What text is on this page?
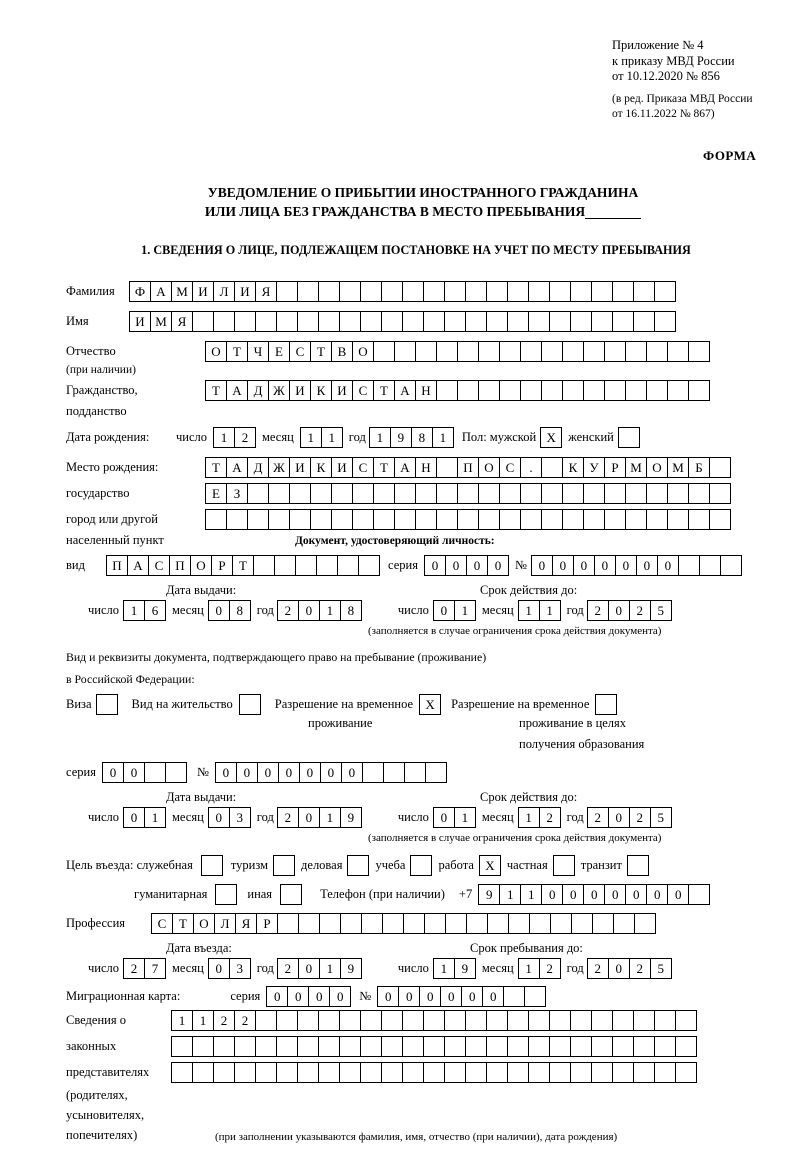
Приложение № 4
к приказу МВД России
от 10.12.2020 № 856
(в ред. Приказа МВД России
от 16.11.2022 № 867)
ФОРМА
УВЕДОМЛЕНИЕ О ПРИБЫТИИ ИНОСТРАННОГО ГРАЖДАНИНА
ИЛИ ЛИЦА БЕЗ ГРАЖДАНСТВА В МЕСТО ПРЕБЫВАНИЯ
1. СВЕДЕНИЯ О ЛИЦЕ, ПОДЛЕЖАЩЕМ ПОСТАНОВКЕ НА УЧЕТ ПО МЕСТУ ПРЕБЫВАНИЯ
Фамилия	Ф А М И Л И Я
Имя	И М Я
Отчество	О Т Ч Е С Т В О
(при наличии)
Гражданство,	Т А Д Ж И К И С Т А Н
подданство
Дата рождения:	число	1	2	месяц	1	1	год 1	9	8	1	Пол: мужской Х женский
Место рождения:	Т А Д Ж И К И С Т А Н	П О С	.	К У Р М О М Б
государство	Е	З
город или другой
населенный пункт	Документ, удостоверяющий личность:
вид	П А С П О Р	Т	серия	0	0	0	0	№ 0	0	0	0	0	0	0
Дата выдачи:	Срок действия до:
число 1	6	месяц 0	8	год 2	0	1	8	число 0	1	месяц 1	1	год 2	0	2	5
(заполняется в случае ограничения срока действия документа)
Вид и реквизиты документа, подтверждающего право на пребывание (проживание)
в Российской Федерации:
Виза	Вид на жительство	Разрешение на временное Х	Разрешение на временное
проживание	проживание в целях
получения образования
серия	0	0	№	0	0	0	0	0	0	0
Дата выдачи:	Срок действия до:
число 0	1	месяц 0	3	год 2	0	1	9	число 0	1	месяц 1	2	год 2	0	2	5
(заполняется в случае ограничения срока действия документа)
Цель въезда: служебная	туризм	деловая	учеба	работа Х частная	транзит
гуманитарная	иная	Телефон (при наличии) +7	9	1	1	0	0	0	0	0	0	0
Профессия	С Т О Л Я	Р
Дата въезда:	Срок пребывания до:
число 2	7	месяц 0	3	год 2	0	1	9	число 1	9	месяц 1	2	год 2	0	2	5
Миграционная карта:	серия	0	0	0	0	№	0	0	0	0	0	0
Сведения о	1	1	2	2
законных
представителях
(родителях,
усыновителях,
попечителях)	(при заполнении указываются фамилия, имя, отчество (при наличии), дата рождения)
